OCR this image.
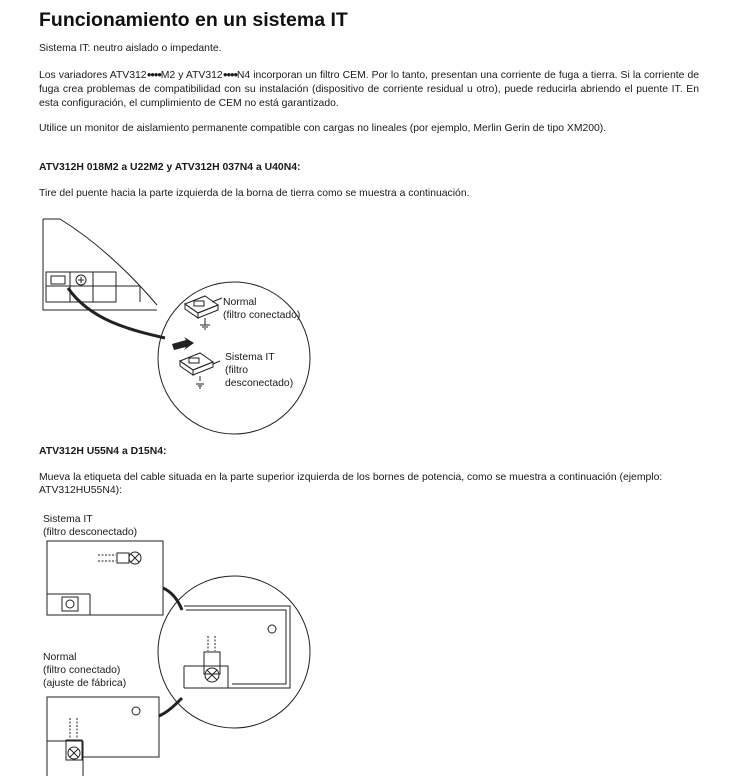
Funcionamiento en un sistema IT

Sistema IT: neutro aislado o impedante.

Los variadores ATV312●●●●M2 y ATV312●●●●N4 incorporan un filtro CEM. Por lo tanto, presentan una corriente de fuga a tierra. Si la corriente de fuga crea problemas de compatibilidad con su instalación (dispositivo de corriente residual u otro), puede reducirla abriendo el puente IT. En esta configuración, el cumplimiento de CEM no está garantizado.

Utilice un monitor de aislamiento permanente compatible con cargas no lineales (por ejemplo, Merlin Gerin de tipo XM200).

ATV312H 018M2 a U22M2 y ATV312H 037N4 a U40N4:

Tire del puente hacia la parte izquierda de la borna de tierra como se muestra a continuación.

Normal

(filtro conectado)

Sistema IT

(filtro

desconectado)

ATV312H U55N4 a D15N4:

Mueva la etiqueta del cable situada en la parte superior izquierda de los bornes de potencia, como se muestra a continuación (ejemplo:

ATV312HU55N4):

Sistema IT

(filtro desconectado)

Normal

(filtro conectado)

(ajuste de fábrica)
